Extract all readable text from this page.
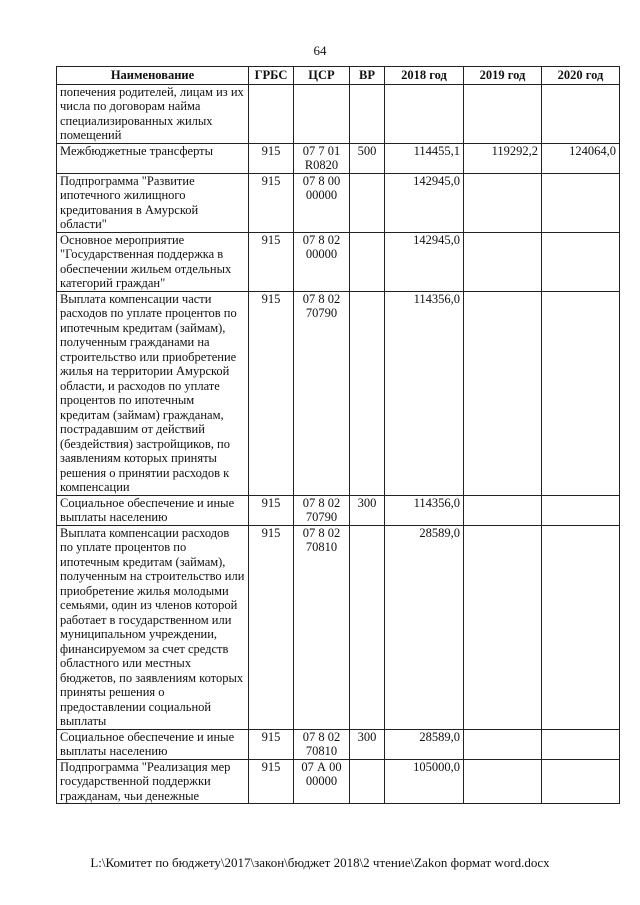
64
Наименование	ГРБС	ЦСР	ВР	2018 год	2019 год	2020 год
попечения родителей, лицам из их числа по договорам найма специализированных жилых помещений						
Межбюджетные трансферты	915	07 7 01 R0820	500	114455,1	119292,2	124064,0
Подпрограмма "Развитие ипотечного жилищного кредитования в Амурской области"	915	07 8 00 00000		142945,0		
Основное мероприятие "Государственная поддержка в обеспечении жильем отдельных категорий граждан"	915	07 8 02 00000		142945,0		
Выплата компенсации части расходов по уплате процентов по ипотечным кредитам (займам), полученным гражданами на строительство или приобретение жилья на территории Амурской области, и расходов по уплате процентов по ипотечным кредитам (займам) гражданам, пострадавшим от действий (бездействия) застройщиков, по заявлениям которых приняты решения о принятии расходов к компенсации	915	07 8 02 70790		114356,0		
Социальное обеспечение и иные выплаты населению	915	07 8 02 70790	300	114356,0		
Выплата компенсации расходов по уплате процентов по ипотечным кредитам (займам), полученным на строительство или приобретение жилья молодыми семьями, один из членов которой работает в государственном или муниципальном учреждении, финансируемом за счет средств областного или местных бюджетов, по заявлениям которых приняты решения о предоставлении социальной выплаты	915	07 8 02 70810		28589,0		
Социальное обеспечение и иные выплаты населению	915	07 8 02 70810	300	28589,0		
Подпрограмма "Реализация мер государственной поддержки гражданам, чьи денежные	915	07 А 00 00000		105000,0		
L:\Комитет по бюджету\2017\закон\бюджет 2018\2 чтение\Zakon формат word.docx
